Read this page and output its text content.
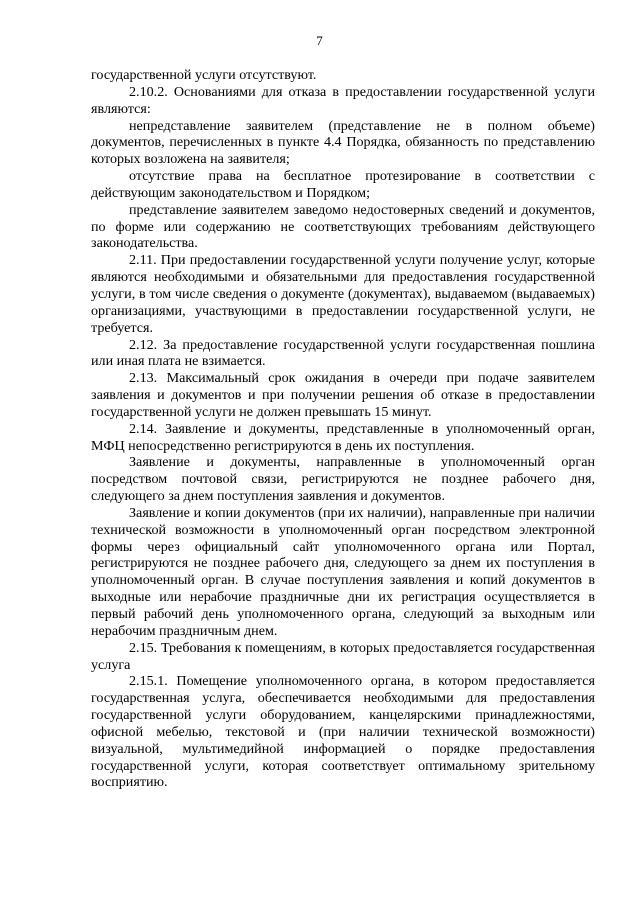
7

государственной услуги отсутствуют.

2.10.2. Основаниями для отказа в предоставлении государственной услуги являются:

непредставление заявителем (представление не в полном объеме) документов, перечисленных в пункте 4.4 Порядка, обязанность по представлению которых возложена на заявителя;

отсутствие права на бесплатное протезирование в соответствии с действующим законодательством и Порядком;

представление заявителем заведомо недостоверных сведений и документов, по форме или содержанию не соответствующих требованиям действующего законодательства.

2.11. При предоставлении государственной услуги получение услуг, которые являются необходимыми и обязательными для предоставления государственной услуги, в том числе сведения о документе (документах), выдаваемом (выдаваемых) организациями, участвующими в предоставлении государственной услуги, не требуется.

2.12. За предоставление государственной услуги государственная пошлина или иная плата не взимается.

2.13. Максимальный срок ожидания в очереди при подаче заявителем заявления и документов и при получении решения об отказе в предоставлении государственной услуги не должен превышать 15 минут.

2.14. Заявление и документы, представленные в уполномоченный орган, МФЦ непосредственно регистрируются в день их поступления.

Заявление и документы, направленные в уполномоченный орган посредством почтовой связи, регистрируются не позднее рабочего дня, следующего за днем поступления заявления и документов.

Заявление и копии документов (при их наличии), направленные при наличии технической возможности в уполномоченный орган посредством электронной формы через официальный сайт уполномоченного органа или Портал, регистрируются не позднее рабочего дня, следующего за днем их поступления в уполномоченный орган. В случае поступления заявления и копий документов в выходные или нерабочие праздничные дни их регистрация осуществляется в первый рабочий день уполномоченного органа, следующий за выходным или нерабочим праздничным днем.

2.15. Требования к помещениям, в которых предоставляется государственная услуга

2.15.1. Помещение уполномоченного органа, в котором предоставляется государственная услуга, обеспечивается необходимыми для предоставления государственной услуги оборудованием, канцелярскими принадлежностями, офисной мебелью, текстовой и (при наличии технической возможности) визуальной, мультимедийной информацией о порядке предоставления государственной услуги, которая соответствует оптимальному зрительному восприятию.
